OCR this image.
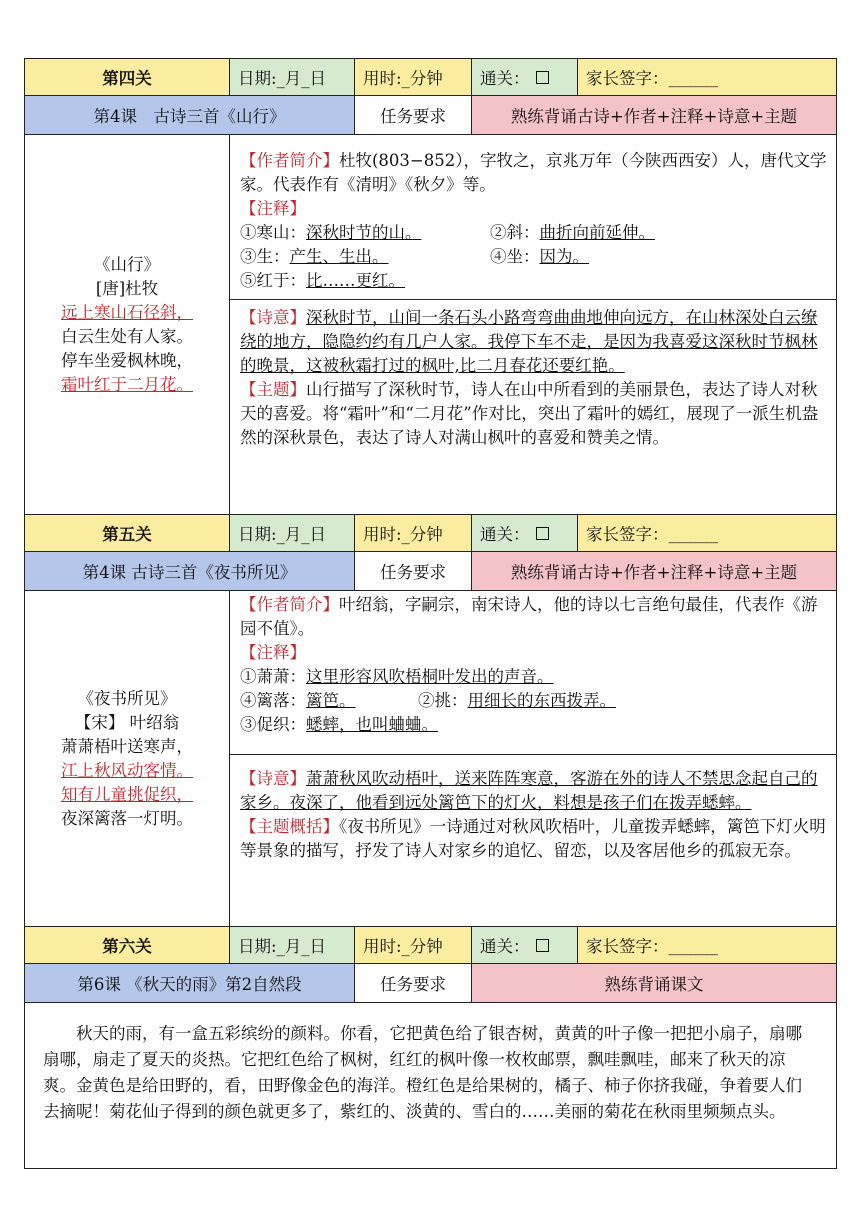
第四关	日期:_月_日	用时:_分钟	通关：	家长签字： ______
第4课　古诗三首《山行》	任务要求	熟练背诵古诗+作者+注释+诗意+主题
《山行》
[唐]杜牧
远上寒山石径斜，
白云生处有人家。
停车坐爱枫林晚，
霜叶红于二月花。

【作者简介】杜牧(803−852），字牧之，京兆万年（今陕西西安）人，唐代文学家。代表作有《清明》《秋夕》等。

【注释】

①寒山：深秋时节的山。	②斜：曲折向前延伸。

③生：产生、生出。	④坐：因为。

⑤红于：比……更红。

【诗意】深秋时节，山间一条石头小路弯弯曲曲地伸向远方，在山林深处白云缭绕的地方，隐隐约约有几户人家。我停下车不走，是因为我喜爱这深秋时节枫林的晚景，这被秋霜打过的枫叶,比二月春花还要红艳。

【主题】山行描写了深秋时节，诗人在山中所看到的美丽景色，表达了诗人对秋天的喜爱。将“霜叶”和“二月花”作对比，突出了霜叶的嫣红，展现了一派生机盎然的深秋景色，表达了诗人对满山枫叶的喜爱和赞美之情。

第五关	日期:_月_日	用时:_分钟	通关：	家长签字： ______
第4课 古诗三首《夜书所见》	任务要求	熟练背诵古诗+作者+注释+诗意+主题
《夜书所见》
【宋】 叶绍翁
萧萧梧叶送寒声，
江上秋风动客情。
知有儿童挑促织，
夜深篱落一灯明。

【作者简介】叶绍翁，字嗣宗，南宋诗人，他的诗以七言绝句最佳，代表作《游园不值》。

【注释】

①萧萧：这里形容风吹梧桐叶发出的声音。

④篱落：篱笆。	②挑：用细长的东西拨弄。

③促织：蟋蟀，也叫蛐蛐。

【诗意】萧萧秋风吹动梧叶，送来阵阵寒意，客游在外的诗人不禁思念起自己的家乡。夜深了，他看到远处篱笆下的灯火，料想是孩子们在拨弄蟋蟀。

【主题概括】《夜书所见》一诗通过对秋风吹梧叶，儿童拨弄蟋蟀，篱笆下灯火明等景象的描写，抒发了诗人对家乡的追忆、留恋，以及客居他乡的孤寂无奈。

第六关	日期:_月_日	用时:_分钟	通关：	家长签字： ______
第6课 《秋天的雨》第2自然段	任务要求	熟练背诵课文

秋天的雨，有一盒五彩缤纷的颜料。你看，它把黄色给了银杏树，黄黄的叶子像一把把小扇子，扇哪扇哪，扇走了夏天的炎热。它把红色给了枫树，红红的枫叶像一枚枚邮票，飘哇飘哇，邮来了秋天的凉爽。金黄色是给田野的，看，田野像金色的海洋。橙红色是给果树的，橘子、柿子你挤我碰，争着要人们去摘呢！菊花仙子得到的颜色就更多了，紫红的、淡黄的、雪白的……美丽的菊花在秋雨里频频点头。
